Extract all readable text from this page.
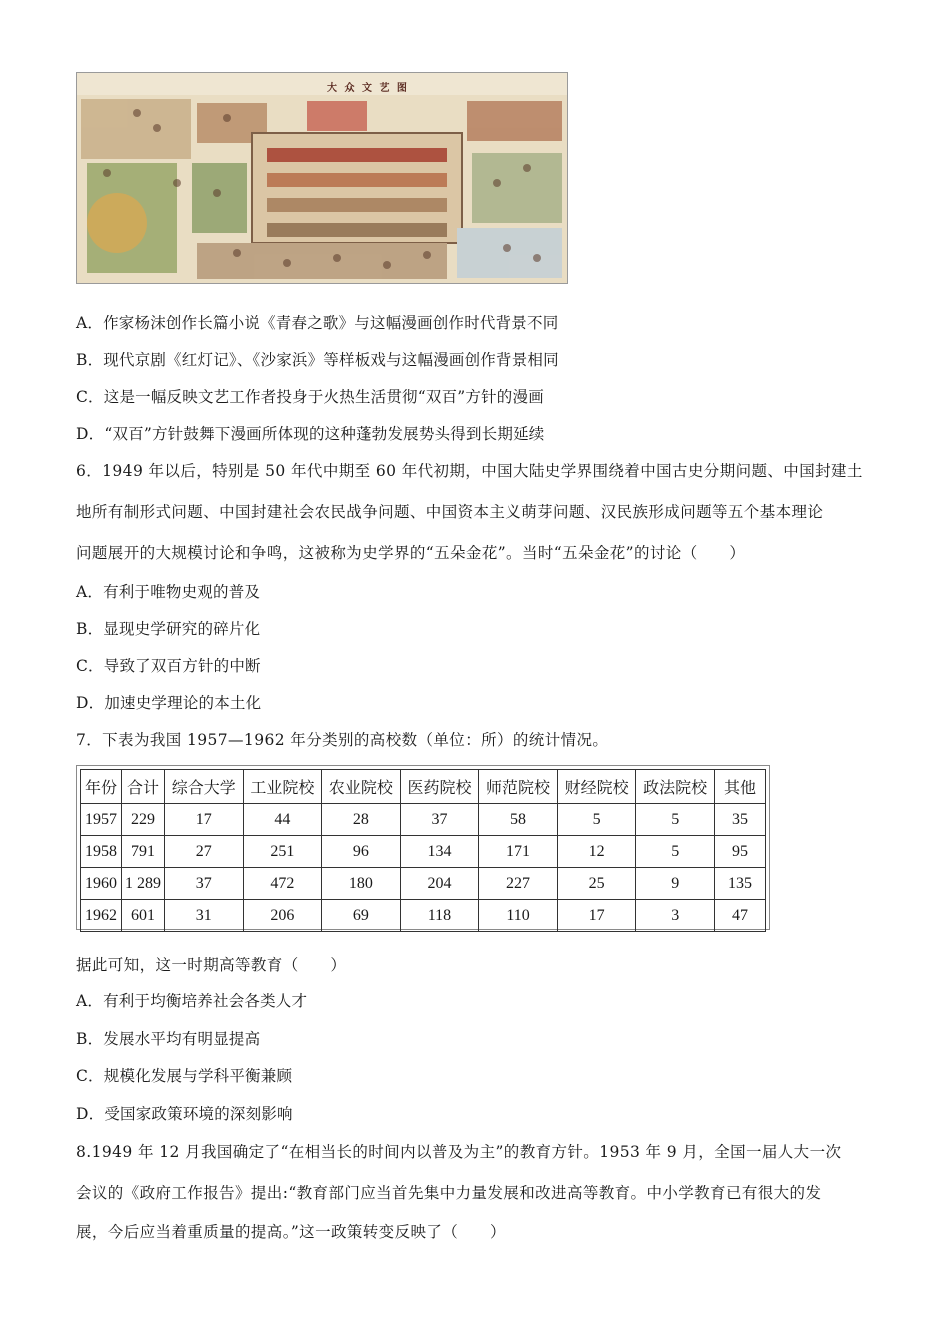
大 众 文 艺 图
A．作家杨沫创作长篇小说《青春之歌》与这幅漫画创作时代背景不同
B．现代京剧《红灯记》、《沙家浜》等样板戏与这幅漫画创作背景相同
C．这是一幅反映文艺工作者投身于火热生活贯彻“双百”方针的漫画
D．“双百”方针鼓舞下漫画所体现的这种蓬勃发展势头得到长期延续
6．1949 年以后，特别是 50 年代中期至 60 年代初期，中国大陆史学界围绕着中国古史分期问题、中国封建土
地所有制形式问题、中国封建社会农民战争问题、中国资本主义萌芽问题、汉民族形成问题等五个基本理论
问题展开的大规模讨论和争鸣，这被称为史学界的“五朵金花”。当时“五朵金花”的讨论（　　）
A．有利于唯物史观的普及
B．显现史学研究的碎片化
C．导致了双百方针的中断
D．加速史学理论的本土化
7．下表为我国 1957—1962 年分类别的高校数（单位：所）的统计情况。
年份	合计	综合大学	工业院校	农业院校	医药院校	师范院校	财经院校	政法院校	其他
1957	229	17	44	28	37	58	5	5	35
1958	791	27	251	96	134	171	12	5	95
1960	1 289	37	472	180	204	227	25	9	135
1962	601	31	206	69	118	110	17	3	47
据此可知，这一时期高等教育（　　）
A．有利于均衡培养社会各类人才
B．发展水平均有明显提高
C．规模化发展与学科平衡兼顾
D．受国家政策环境的深刻影响
8.1949 年 12 月我国确定了“在相当长的时间内以普及为主”的教育方针。1953 年 9 月，全国一届人大一次
会议的《政府工作报告》提出:“教育部门应当首先集中力量发展和改进高等教育。中小学教育已有很大的发
展，今后应当着重质量的提高。”这一政策转变反映了（　　）
